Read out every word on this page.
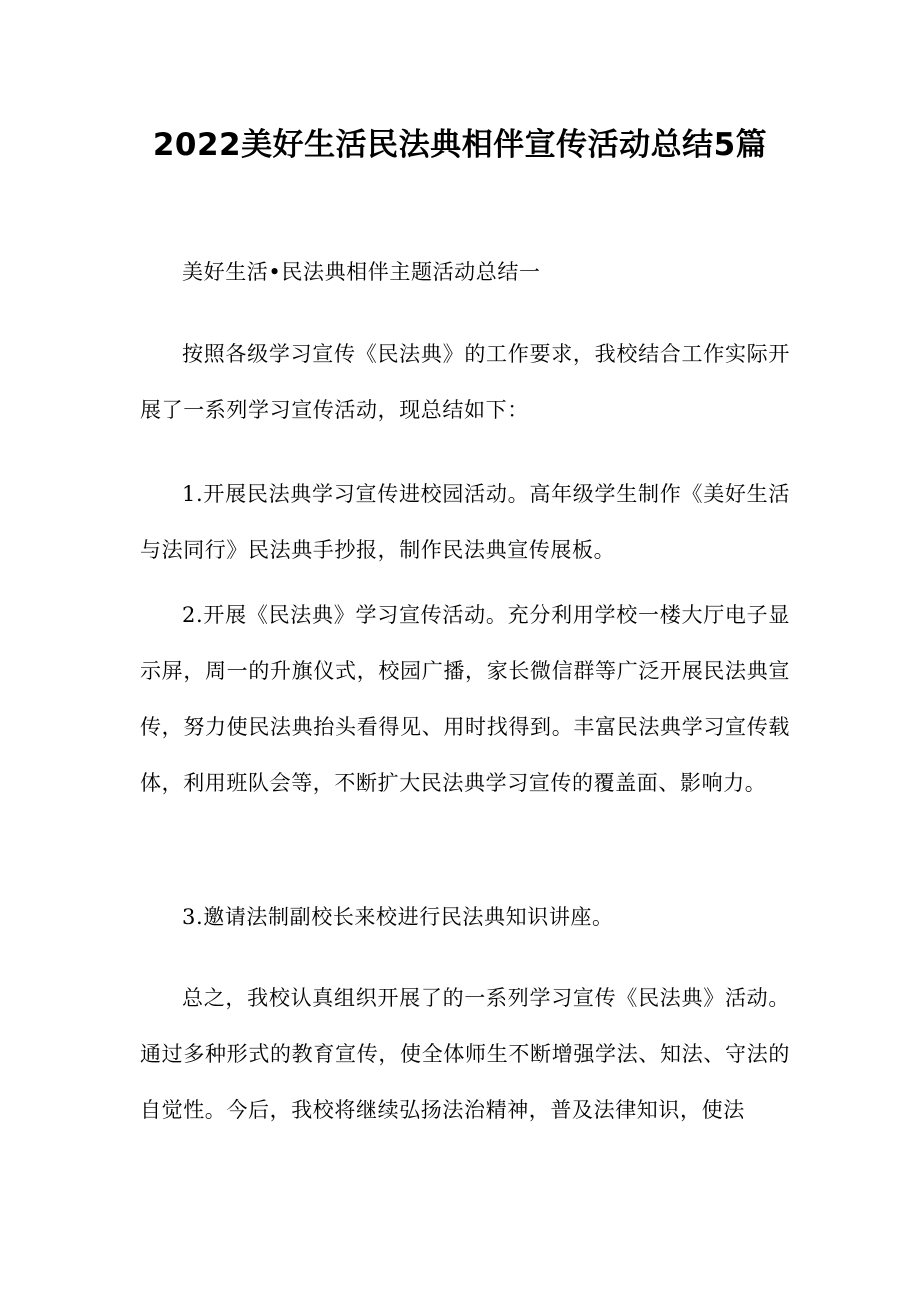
2022美好生活民法典相伴宣传活动总结5篇

美好生活•民法典相伴主题活动总结一

按照各级学习宣传《民法典》的工作要求，我校结合工作实际开展了一系列学习宣传活动，现总结如下：

1.开展民法典学习宣传进校园活动。高年级学生制作《美好生活与法同行》民法典手抄报，制作民法典宣传展板。

2.开展《民法典》学习宣传活动。充分利用学校一楼大厅电子显示屏，周一的升旗仪式，校园广播，家长微信群等广泛开展民法典宣传，努力使民法典抬头看得见、用时找得到。丰富民法典学习宣传载体，利用班队会等，不断扩大民法典学习宣传的覆盖面、影响力。

3.邀请法制副校长来校进行民法典知识讲座。

总之，我校认真组织开展了的一系列学习宣传《民法典》活动。通过多种形式的教育宣传，使全体师生不断增强学法、知法、守法的自觉性。今后，我校将继续弘扬法治精神，普及法律知识，使法
